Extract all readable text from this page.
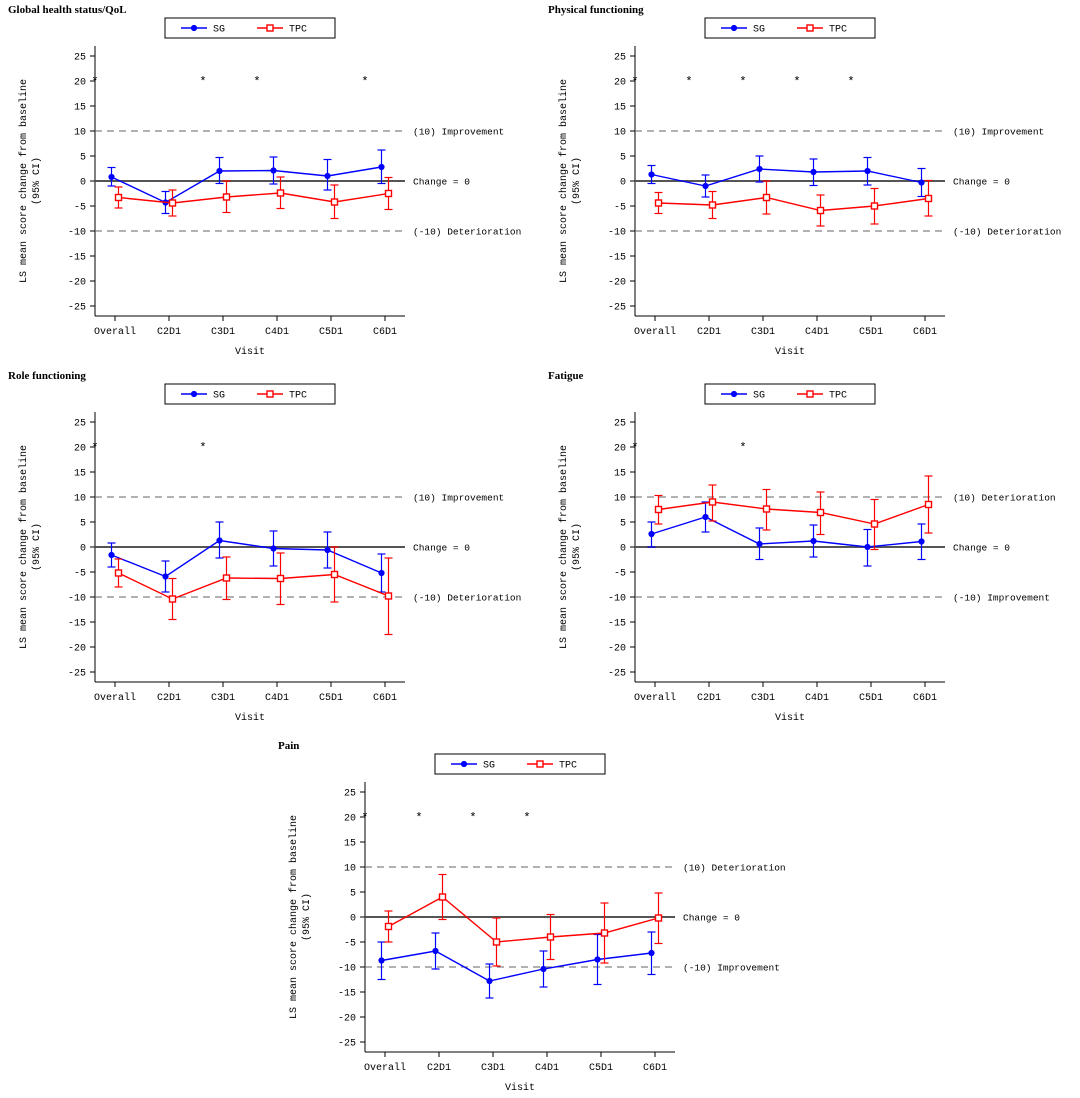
Global health status/QoL
25
20
15
10
5
0
-5
-10
-15
-20
-25
Overall C2D1	C3D1	C4D1	C5D1	C6D1
Visit
LS mean score change from baseline (95% CI)
(10) Improvement
Change = 0
(-10) Deterioration
*	*	*	*
SG	TPC
Physical functioning
25
20
15
10
5
0
-5
-10
-15
-20
-25
Overall C2D1	C3D1	C4D1	C5D1	C6D1
Visit
LS mean score change from baseline (95% CI)
(10) Improvement
Change = 0
(-10) Deterioration
*	*	*	*	*
SG	TPC
Role functioning
25
20
15
10
5
0
-5
-10
-15
-20
-25
Overall C2D1	C3D1	C4D1	C5D1	C6D1
Visit
LS mean score change from baseline (95% CI)
(10) Improvement
Change = 0
(-10) Deterioration
*	*
SG	TPC
Fatigue
25
20
15
10
5
0
-5
-10
-15
-20
-25
Overall C2D1	C3D1	C4D1	C5D1	C6D1
Visit
LS mean score change from baseline (95% CI)
(10) Deterioration
Change = 0
(-10) Improvement
*	*
SG	TPC
Pain
25
20
15
10
5
0
-5
-10
-15
-20
-25
Overall C2D1	C3D1	C4D1	C5D1	C6D1
Visit
LS mean score change from baseline (95% CI)
(10) Deterioration
Change = 0
(-10) Improvement
*	*	*	*
SG	TPC
